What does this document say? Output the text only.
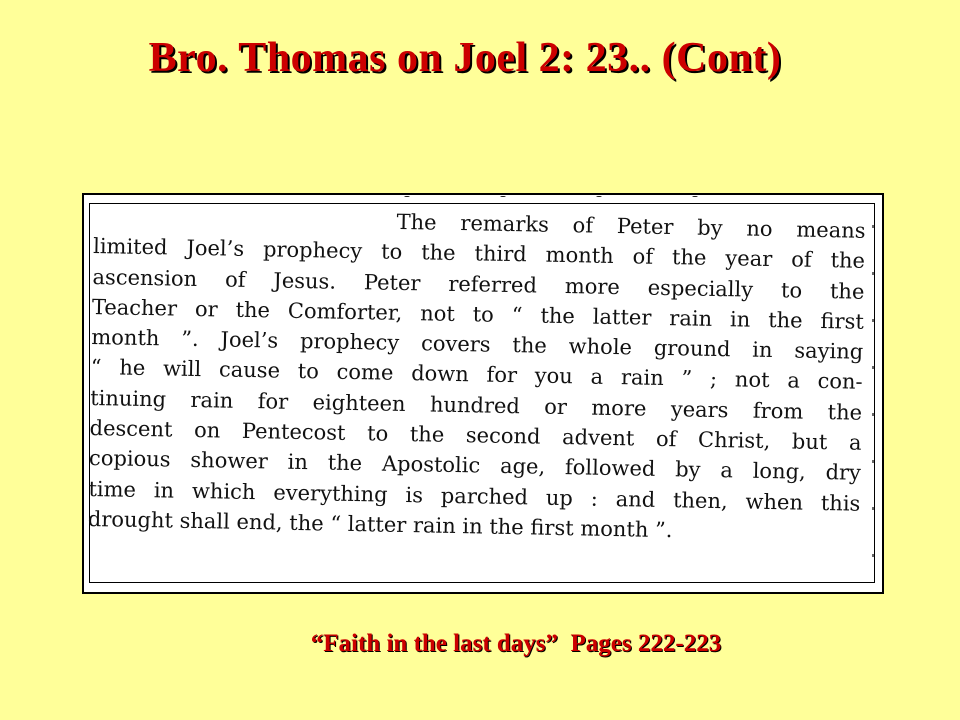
Bro. Thomas on Joel 2: 23.. (Cont)
The remarks of Peter by no means
limited Joel’s prophecy to the third month of the year of the
ascension of Jesus. Peter referred more especially to the
Teacher or the Comforter, not to “ the latter rain in the first
month ”. Joel’s prophecy covers the whole ground in saying
“ he will cause to come down for you a rain ” ; not a con-
tinuing rain for eighteen hundred or more years from the
descent on Pentecost to the second advent of Christ, but a
copious shower in the Apostolic age, followed by a long, dry
time in which everything is parched up : and then, when this
drought shall end, the “ latter rain in the first month ”.
“Faith in the last days”  Pages 222-223
